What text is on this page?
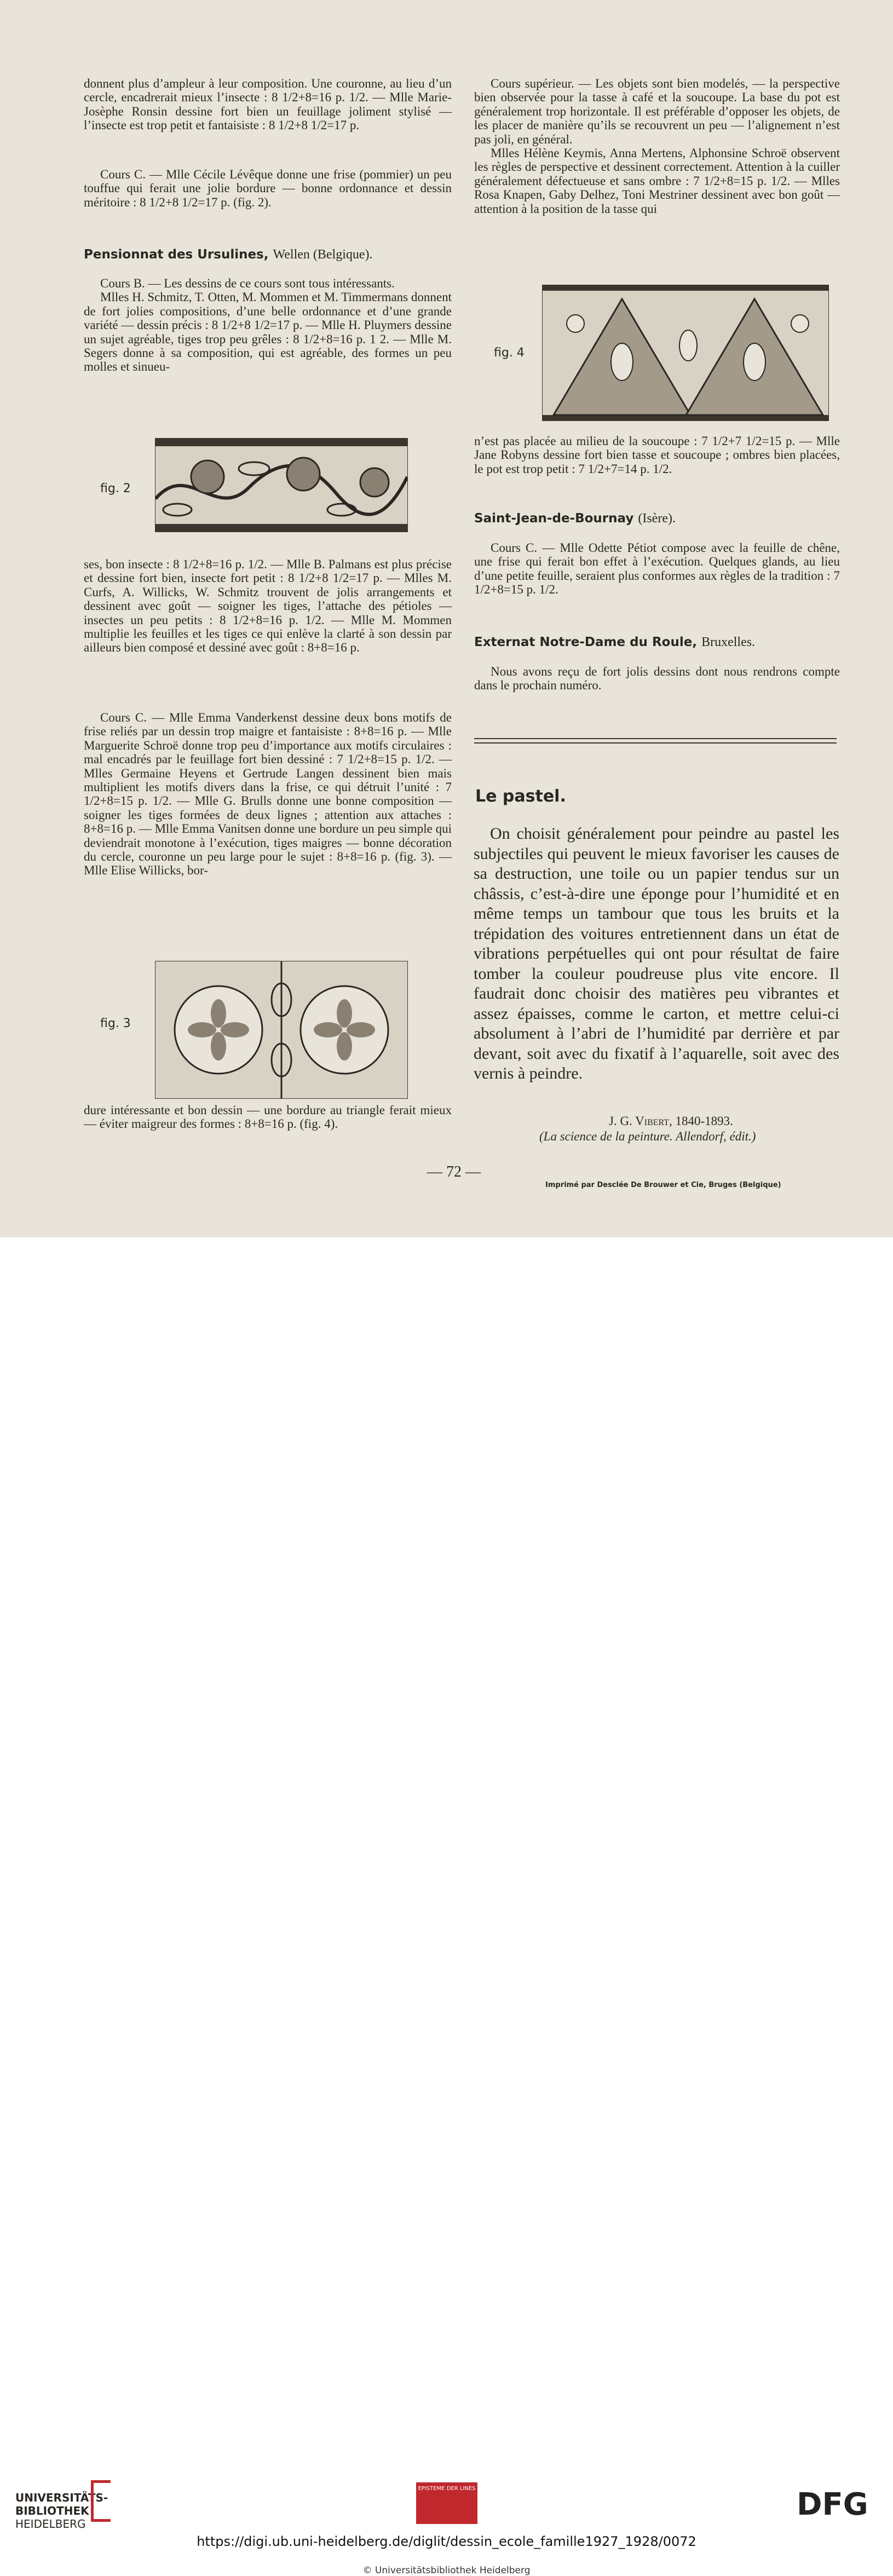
donnent plus d’ampleur à leur composition. Une couronne, au lieu d’un cercle, encadrerait mieux l’insecte : 8 1/2+8=16 p. 1/2. — Mlle Marie-Josèphe Ronsin dessine fort bien un feuillage joliment stylisé — l’insecte est trop petit et fantaisiste : 8 1/2+8 1/2=17 p.

Cours C. — Mlle Cécile Lévêque donne une frise (pommier) un peu touffue qui ferait une jolie bordure — bonne ordonnance et dessin méritoire : 8 1/2+8 1/2=17 p. (fig. 2).

Pensionnat des Ursulines, Wellen (Belgique).

Cours B. — Les dessins de ce cours sont tous intéressants.

Mlles H. Schmitz, T. Otten, M. Mommen et M. Timmermans donnent de fort jolies compositions, d’une belle ordonnance et d’une grande variété — dessin précis : 8 1/2+8 1/2=17 p. — Mlle H. Pluymers dessine un sujet agréable, tiges trop peu grêles : 8 1/2+8=16 p. 1 2. — Mlle M. Segers donne à sa composition, qui est agréable, des formes un peu molles et sinueu-

fig. 2

ses, bon insecte : 8 1/2+8=16 p. 1/2. — Mlle B. Palmans est plus précise et dessine fort bien, insecte fort petit : 8 1/2+8 1/2=17 p. — Mlles M. Curfs, A. Willicks, W. Schmitz trouvent de jolis arrangements et dessinent avec goût — soigner les tiges, l’attache des pétioles — insectes un peu petits : 8 1/2+8=16 p. 1/2. — Mlle M. Mommen multiplie les feuilles et les tiges ce qui enlève la clarté à son dessin par ailleurs bien composé et dessiné avec goût : 8+8=16 p.

Cours C. — Mlle Emma Vanderkenst dessine deux bons motifs de frise reliés par un dessin trop maigre et fantaisiste : 8+8=16 p. — Mlle Marguerite Schroë donne trop peu d’importance aux motifs circulaires : mal encadrés par le feuillage fort bien dessiné : 7 1/2+8=15 p. 1/2. — Mlles Germaine Heyens et Gertrude Langen dessinent bien mais multiplient les motifs divers dans la frise, ce qui détruit l’unité : 7 1/2+8=15 p. 1/2. — Mlle G. Brulls donne une bonne composition — soigner les tiges formées de deux lignes ; attention aux attaches : 8+8=16 p. — Mlle Emma Vanitsen donne une bordure un peu simple qui deviendrait monotone à l’exécution, tiges maigres — bonne décoration du cercle, couronne un peu large pour le sujet : 8+8=16 p. (fig. 3). — Mlle Elise Willicks, bor-

fig. 3

dure intéressante et bon dessin — une bordure au triangle ferait mieux — éviter maigreur des formes : 8+8=16 p. (fig. 4).

Cours supérieur. — Les objets sont bien modelés, — la perspective bien observée pour la tasse à café et la soucoupe. La base du pot est généralement trop horizontale. Il est préférable d’opposer les objets, de les placer de manière qu’ils se recouvrent un peu — l’alignement n’est pas joli, en général.

Mlles Hélène Keymis, Anna Mertens, Alphonsine Schroë observent les règles de perspective et dessinent correctement. Attention à la cuiller généralement défectueuse et sans ombre : 7 1/2+8=15 p. 1/2. — Mlles Rosa Knapen, Gaby Delhez, Toni Mestriner dessinent avec bon goût — attention à la position de la tasse qui

fig. 4

n’est pas placée au milieu de la soucoupe : 7 1/2+7 1/2=15 p. — Mlle Jane Robyns dessine fort bien tasse et soucoupe ; ombres bien placées, le pot est trop petit : 7 1/2+7=14 p. 1/2.

Saint-Jean-de-Bournay (Isère).

Cours C. — Mlle Odette Pétiot compose avec la feuille de chêne, une frise qui ferait bon effet à l’exécution. Quelques glands, au lieu d’une petite feuille, seraient plus conformes aux règles de la tradition : 7 1/2+8=15 p. 1/2.

Externat Notre-Dame du Roule, Bruxelles.

Nous avons reçu de fort jolis dessins dont nous rendrons compte dans le prochain numéro.

Le pastel.

On choisit généralement pour peindre au pastel les subjectiles qui peuvent le mieux favoriser les causes de sa destruction, une toile ou un papier tendus sur un châssis, c’est-à-dire une éponge pour l’humidité et en même temps un tambour que tous les bruits et la trépidation des voitures entretiennent dans un état de vibrations perpétuelles qui ont pour résultat de faire tomber la couleur poudreuse plus vite encore. Il faudrait donc choisir des matières peu vibrantes et assez épaisses, comme le carton, et mettre celui-ci absolument à l’abri de l’humidité par derrière et par devant, soit avec du fixatif à l’aquarelle, soit avec des vernis à peindre.

J. G. Vibert, 1840-1893.
(La science de la peinture. Allendorf, édit.)
— 72 —
Imprimé par Desclée De Brouwer et Cie, Bruges (Belgique)
UNIVERSITÄTS-
BIBLIOTHEK
HEIDELBERG
EPISTEME DER LINES	DFG
https://digi.ub.uni-heidelberg.de/diglit/dessin_ecole_famille1927_1928/0072
© Universitätsbibliothek Heidelberg
